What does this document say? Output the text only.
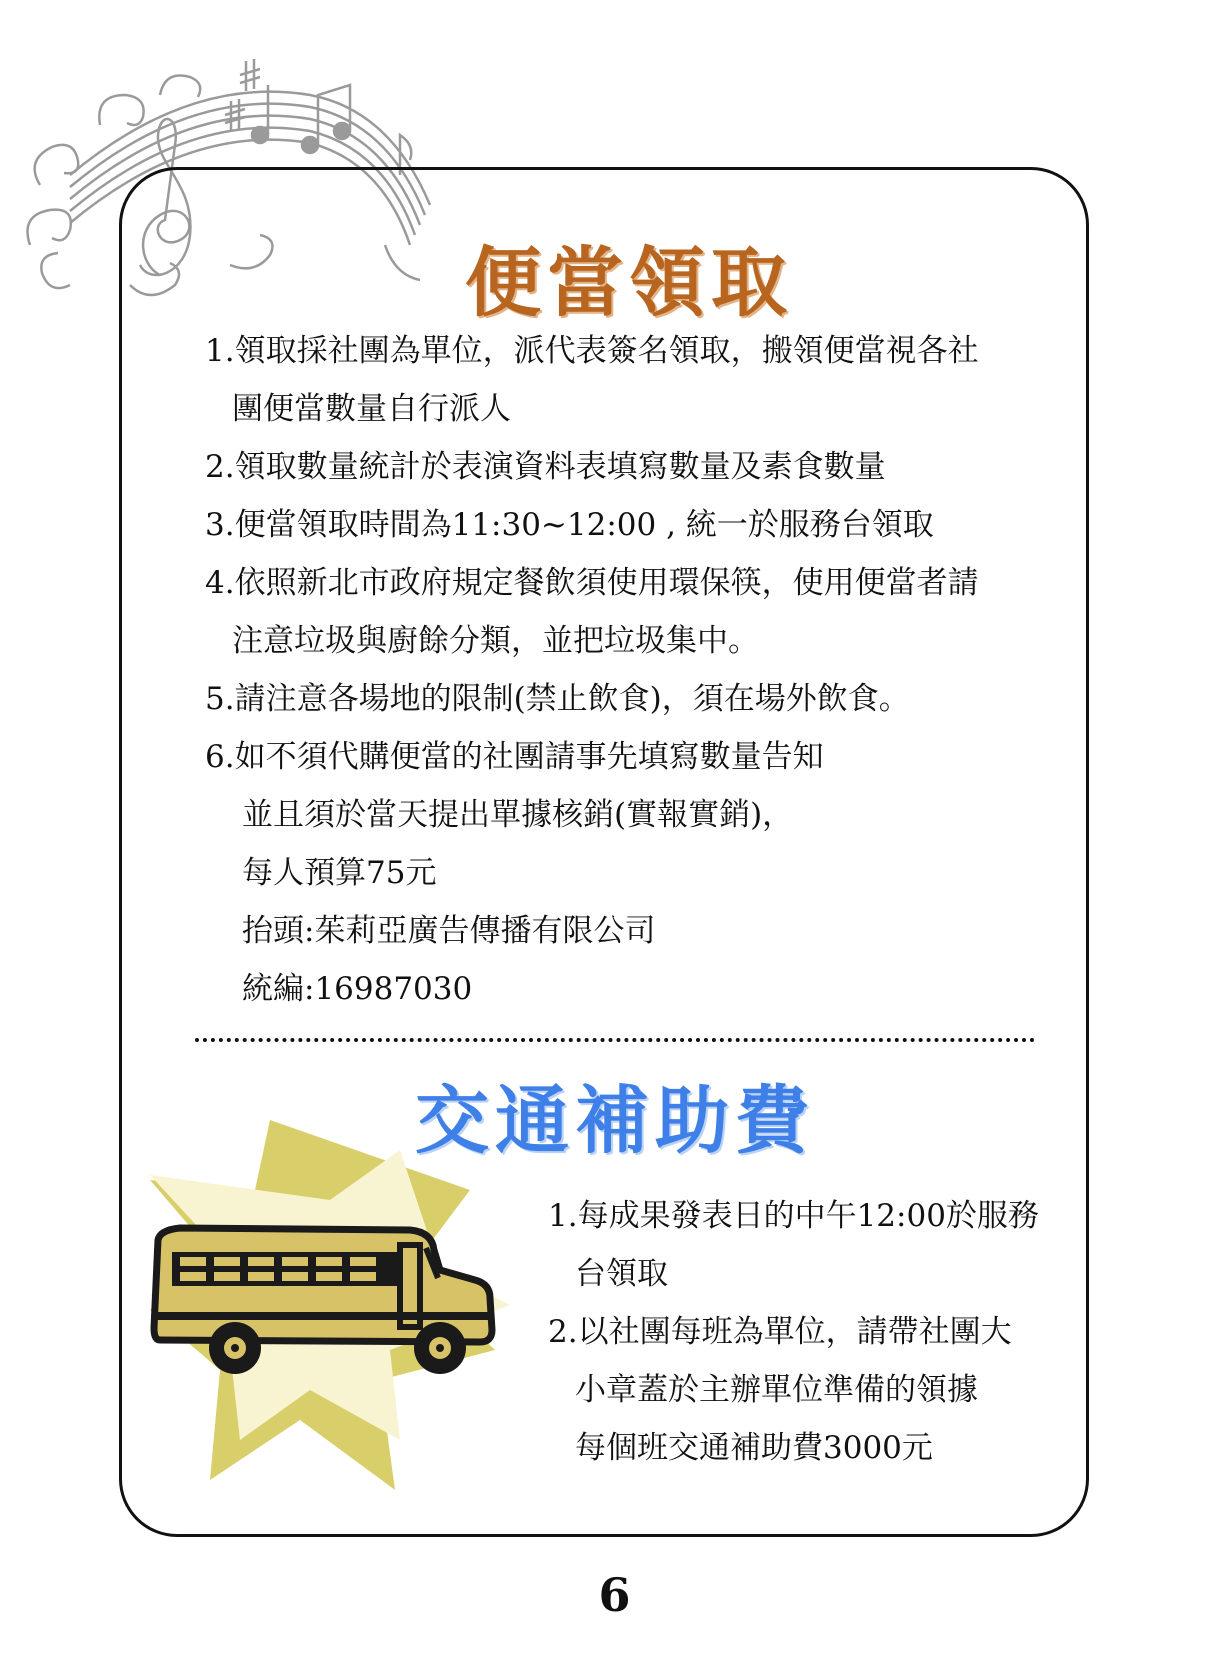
便當領取

1.領取採社團為單位，派代表簽名領取，搬領便當視各社

團便當數量自行派人

2.領取數量統計於表演資料表填寫數量及素食數量

3.便當領取時間為11:30~12:00 , 統一於服務台領取

4.依照新北市政府規定餐飲須使用環保筷，使用便當者請

注意垃圾與廚餘分類，並把垃圾集中。

5.請注意各場地的限制(禁止飲食)，須在場外飲食。

6.如不須代購便當的社團請事先填寫數量告知

並且須於當天提出單據核銷(實報實銷)，

每人預算75元

抬頭:茱莉亞廣告傳播有限公司

統編:16987030

交通補助費

1.每成果發表日的中午12:00於服務

台領取

2.以社團每班為單位，請帶社團大

小章蓋於主辦單位準備的領據

每個班交通補助費3000元

6
